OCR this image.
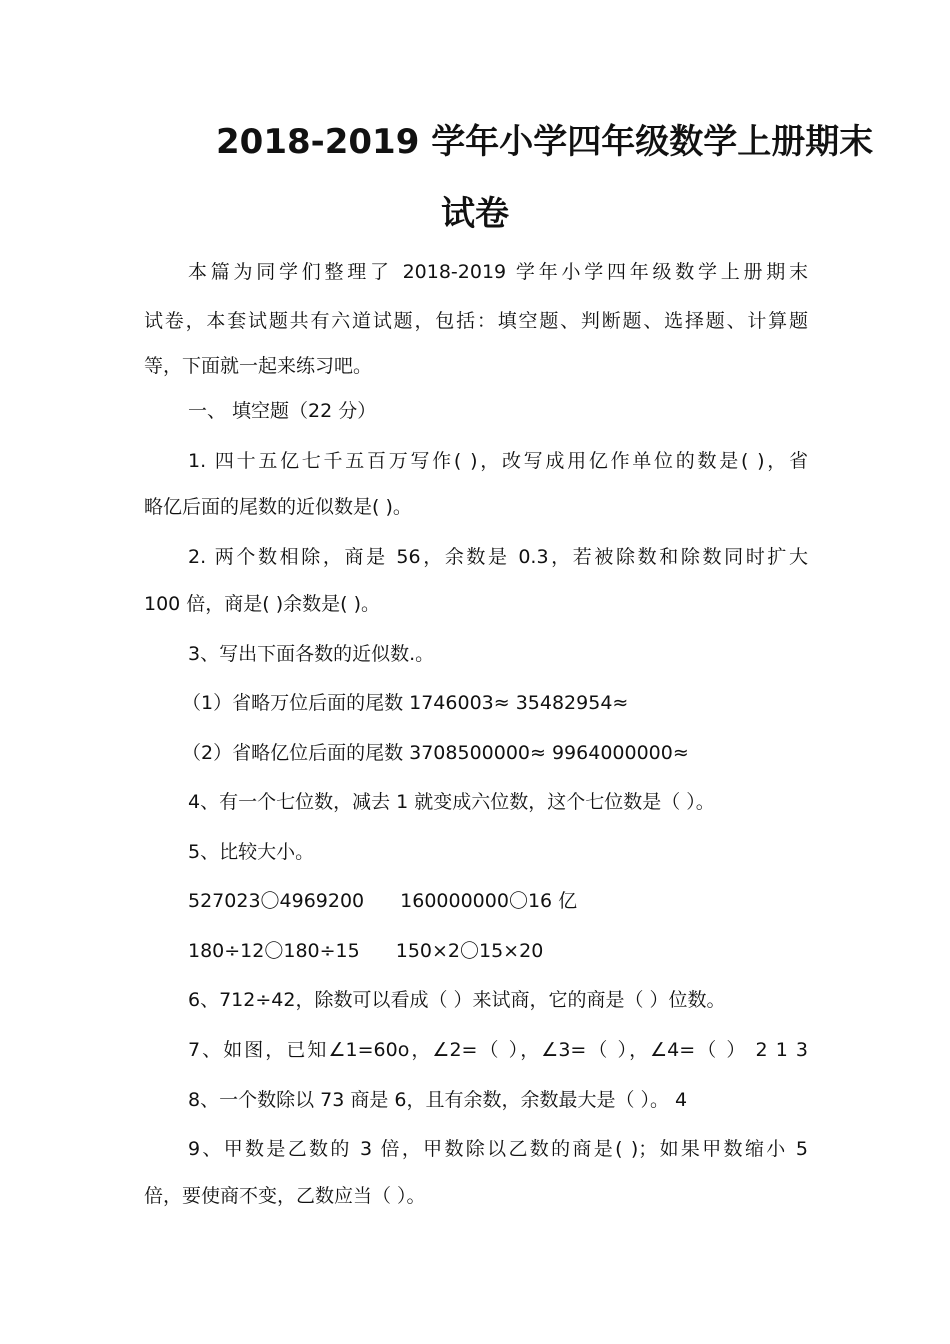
2018-2019 学年小学四年级数学上册期末
试卷
本篇为同学们整理了 2018-2019 学年小学四年级数学上册期末
试卷，本套试题共有六道试题，包括：填空题、判断题、选择题、计算题
等，下面就一起来练习吧。
一、 填空题（22 分）
1. 四十五亿七千五百万写作( )，改写成用亿作单位的数是( )，省
略亿后面的尾数的近似数是( )。
2. 两个数相除，商是 56，余数是 0.3，若被除数和除数同时扩大
100 倍，商是( )余数是( )。
3、写出下面各数的近似数.。
（1）省略万位后面的尾数 1746003≈ 35482954≈
（2）省略亿位后面的尾数 3708500000≈ 9964000000≈
4、有一个七位数，减去 1 就变成六位数，这个七位数是（ ）。
5、比较大小。
527023〇4969200 160000000〇16 亿
180÷12〇180÷15 150×2〇15×20
6、712÷42，除数可以看成（ ）来试商，它的商是（ ）位数。
7、如图，已知∠1=60o，∠2=（ ），∠3=（ ），∠4=（ ） 2 1 3
8、一个数除以 73 商是 6，且有余数，余数最大是（ ）。 4
9、甲数是乙数的 3 倍，甲数除以乙数的商是( )；如果甲数缩小 5
倍，要使商不变，乙数应当（ ）。
